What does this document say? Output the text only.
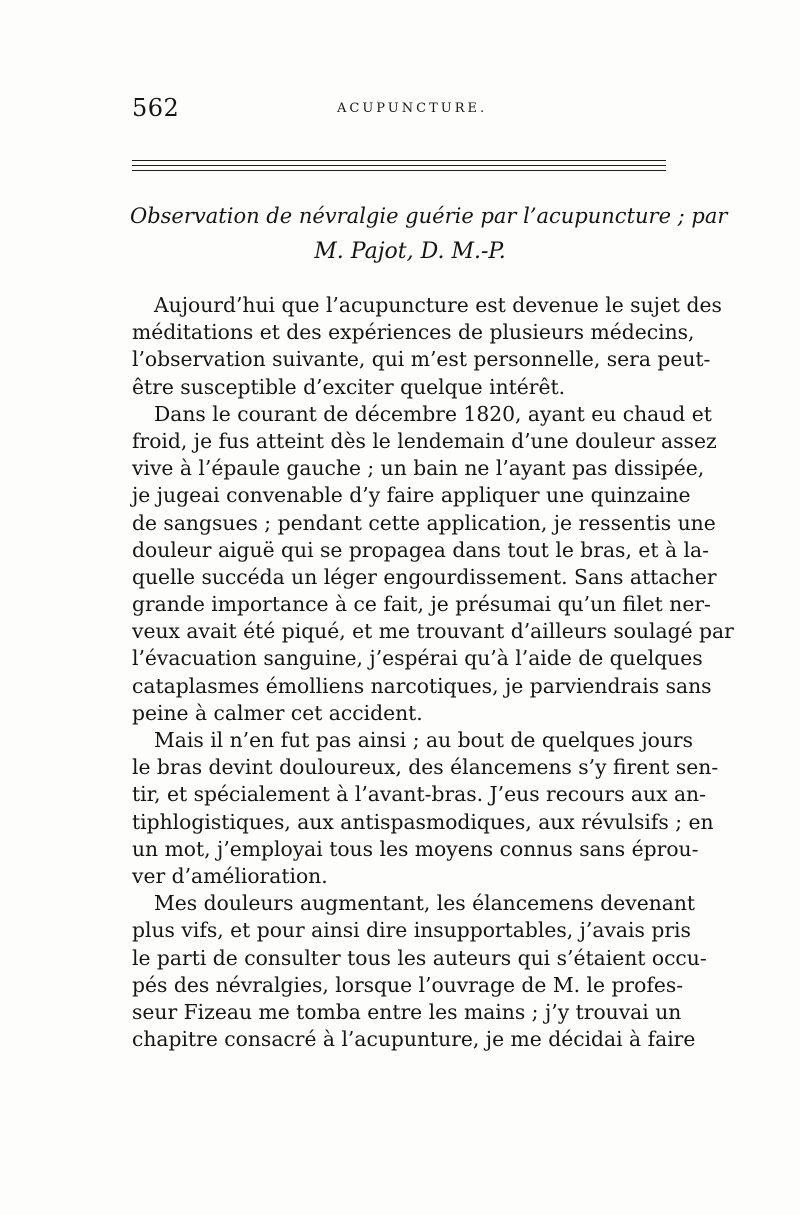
562	ACUPUNCTURE.
Observation de névralgie guérie par l’acupuncture ; par
M. Pajot, D. M.-P.
Aujourd’hui que l’acupuncture est devenue le sujet des
méditations et des expériences de plusieurs médecins,
l’observation suivante, qui m’est personnelle, sera peut-
être susceptible d’exciter quelque intérêt.
Dans le courant de décembre 1820, ayant eu chaud et
froid, je fus atteint dès le lendemain d’une douleur assez
vive à l’épaule gauche ; un bain ne l’ayant pas dissipée,
je jugeai convenable d’y faire appliquer une quinzaine
de sangsues ; pendant cette application, je ressentis une
douleur aiguë qui se propagea dans tout le bras, et à la-
quelle succéda un léger engourdissement. Sans attacher
grande importance à ce fait, je présumai qu’un filet ner-
veux avait été piqué, et me trouvant d’ailleurs soulagé par
l’évacuation sanguine, j’espérai qu’à l’aide de quelques
cataplasmes émolliens narcotiques, je parviendrais sans
peine à calmer cet accident.
Mais il n’en fut pas ainsi ; au bout de quelques jours
le bras devint douloureux, des élancemens s’y firent sen-
tir, et spécialement à l’avant-bras. J’eus recours aux an-
tiphlogistiques, aux antispasmodiques, aux révulsifs ; en
un mot, j’employai tous les moyens connus sans éprou-
ver d’amélioration.
Mes douleurs augmentant, les élancemens devenant
plus vifs, et pour ainsi dire insupportables, j’avais pris
le parti de consulter tous les auteurs qui s’étaient occu-
pés des névralgies, lorsque l’ouvrage de M. le profes-
seur Fizeau me tomba entre les mains ; j’y trouvai un
chapitre consacré à l’acupunture, je me décidai à faire
